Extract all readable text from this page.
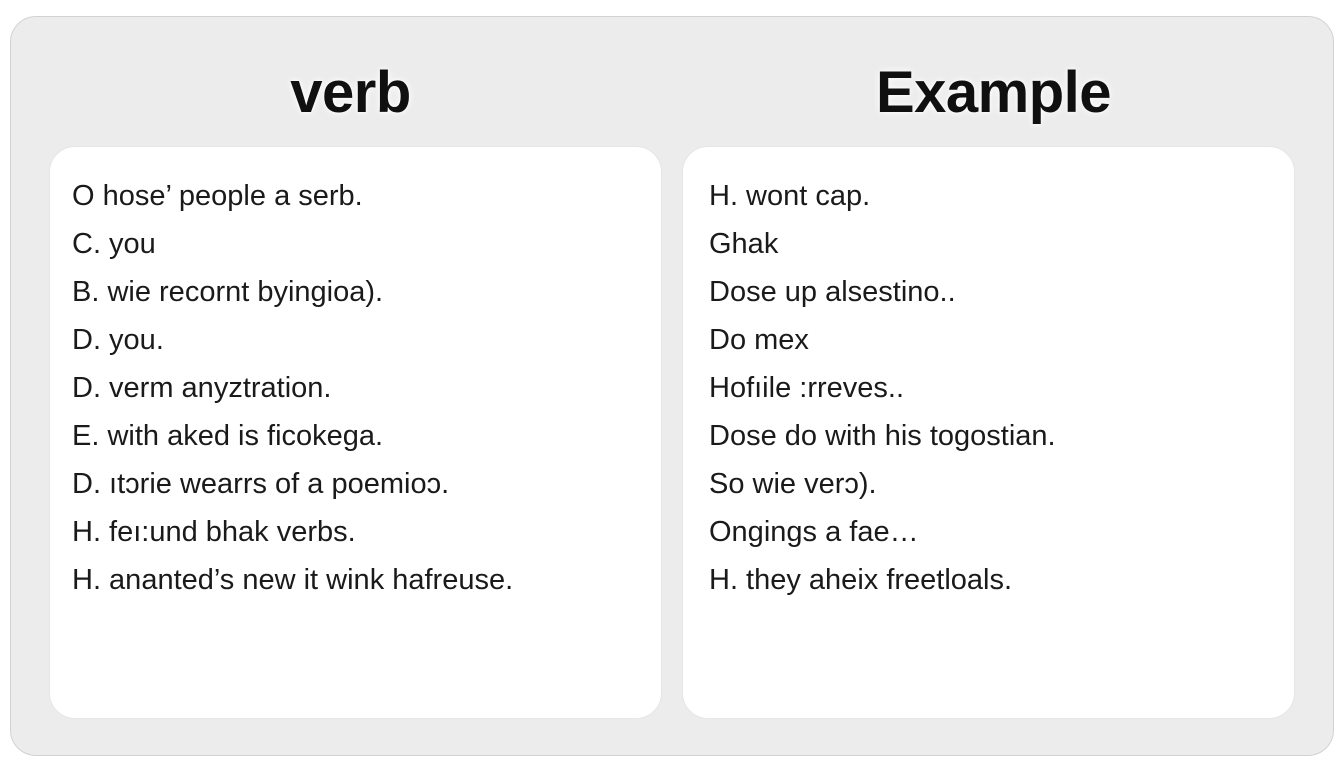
verb
O hose’ people a serb.
C. you
B. wie recornt byingioa).
D. you.
D. verm anyztration.
E. with aked is ficokega.
D. ıtɔrie wearrs of a poemioɔ.
H. feı:und bhak verbs.
H. ananted’s new it wink hafreuse.
Example
H. wont cap.
Ghak
Dose up alsestino..
Do mex
Hofıile :rreves..
Dose do with his togostian.
So wie verɔ).
Ongings a fae…
H. they aheix freetloals.
